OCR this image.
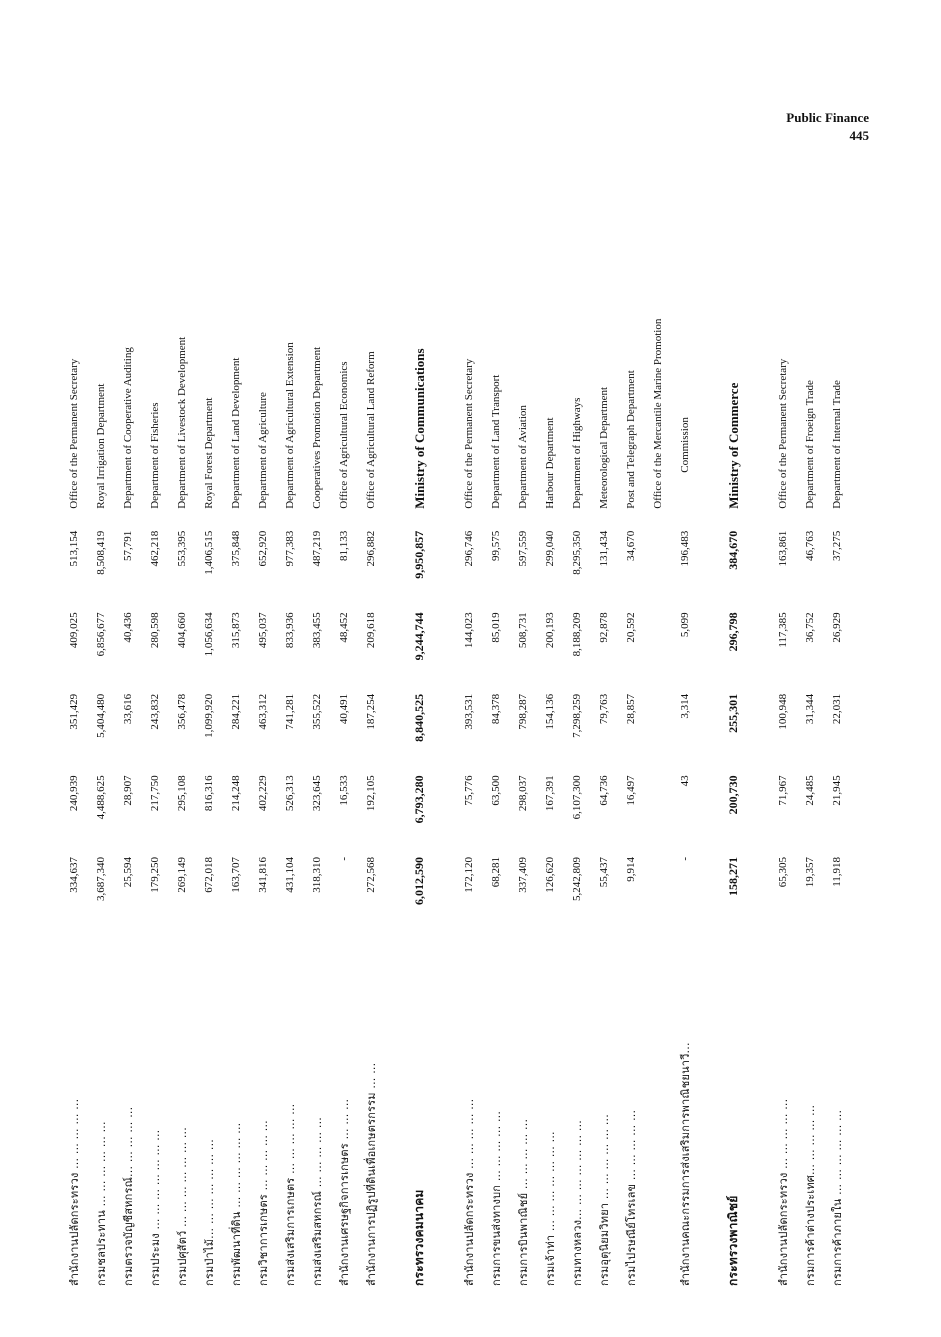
Public Finance
445
สำนักงานปลัดกระทรวง ... ... ... ... ...	334,637	240,939	351,429	409,025	513,154	Office of the Permanent Secretary
กรมชลประทาน ... ... ... ... ... ...	3,687,340	4,488,625	5,404,480	6,856,677	8,508,419	Royal Irrigation Department
กรมตรวจบัญชีสหกรณ์... ... ... ... ...	25,594	28,907	33,616	40,436	57,791	Department of Cooperative Auditing
กรมประมง ... ... ... ... ... ... ...	179,250	217,750	243,832	280,598	462,218	Department of Fisheries
กรมปศุสัตว์ ... ... ... ... ... ... ...	269,149	295,108	356,478	404,660	553,395	Department of Livestock Development
กรมป่าไม้... ... ... ... ... ... ...	672,018	816,316	1,099,920	1,056,634	1,406,515	Royal Forest Department
กรมพัฒนาที่ดิน ... ... ... ... ... ...	163,707	214,248	284,221	315,873	375,848	Department of Land Development
กรมวิชาการเกษตร ... ... ... ... ...	341,816	402,229	463,312	495,037	652,920	Department of Agriculture
กรมส่งเสริมการเกษตร ... ... ... ... ...	431,104	526,313	741,281	833,936	977,383	Department of Agricultural Extension
กรมส่งเสริมสหกรณ์ ... ... ... ... ...	318,310	323,645	355,522	383,455	487,219	Cooperatives Promotion Department
สำนักงานเศรษฐกิจการเกษตร ... ... ...	-	16,533	40,491	48,452	81,133	Office of Agricultural Economics
สำนักงานการปฏิรูปที่ดินเพื่อเกษตรกรรม ... ...	272,568	192,105	187,254	209,618	296,882	Office of Agricultural Land Reform

กระทรวงคมนาคม	6,012,590	6,793,280	8,840,525	9,244,744	9,950,857	Ministry of Communications

สำนักงานปลัดกระทรวง ... ... ... ... ...	172,120	75,776	393,531	144,023	296,746	Office of the Permanent Secretary
กรมการขนส่งทางบก ... ... ... ... ...	68,281	63,500	84,378	85,019	99,575	Department of Land Transport
กรมการบินพาณิชย์ ... ... ... ... ...	337,409	298,037	798,287	508,731	597,559	Department of Aviation
กรมเจ้าท่า ... ... ... ... ... ... ...	126,620	167,391	154,136	200,193	299,040	Harbour Department
กรมทางหลวง... ... ... ... ... ... ...	5,242,809	6,107,300	7,298,259	8,188,209	8,295,350	Department of Highways
กรมอุตุนิยมวิทยา ... ... ... ... ... ...	55,437	64,736	79,763	92,878	131,434	Meteorological Department
กรมไปรษณีย์โทรเลข ... ... ... ... ...	9,914	16,497	28,857	20,592	34,670	Post and Telegraph Department
						Office of the Mercantile Marine Promotion
สำนักงานคณะกรรมการส่งเสริมการพาณิชยนาวี...	-	43	3,314	5,099	196,483	Commission

กระทรวงพาณิชย์	158,271	200,730	255,301	296,798	384,670	Ministry of Commerce

สำนักงานปลัดกระทรวง ... ... ... ... ...	65,305	71,967	100,948	117,385	163,861	Office of the Permanent Secretary
กรมการค้าต่างประเทศ... ... ... ... ...	19,357	24,485	31,344	36,752	46,763	Department of Froeign Trade
กรมการค้าภายใน ... ... ... ... ... ...	11,918	21,945	22,031	26,929	37,275	Department of Internal Trade
